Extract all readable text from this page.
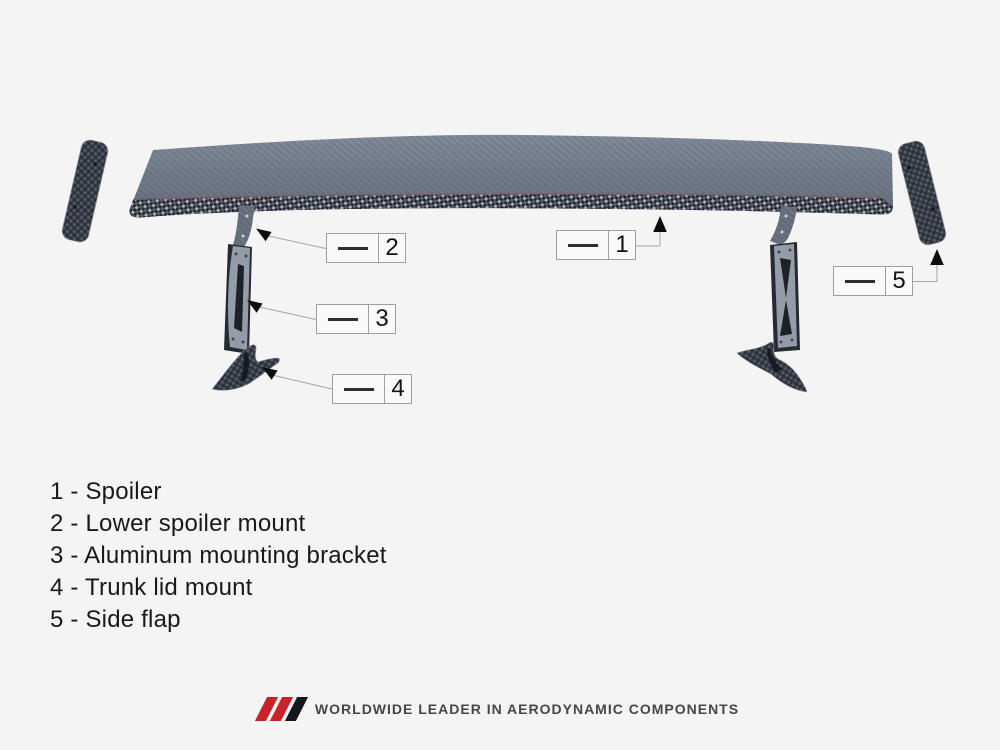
1
2
3
4
5
1 - Spoiler
2 - Lower spoiler mount
3 - Aluminum mounting bracket
4 - Trunk lid mount
5 - Side flap
WORLDWIDE LEADER IN AERODYNAMIC COMPONENTS
